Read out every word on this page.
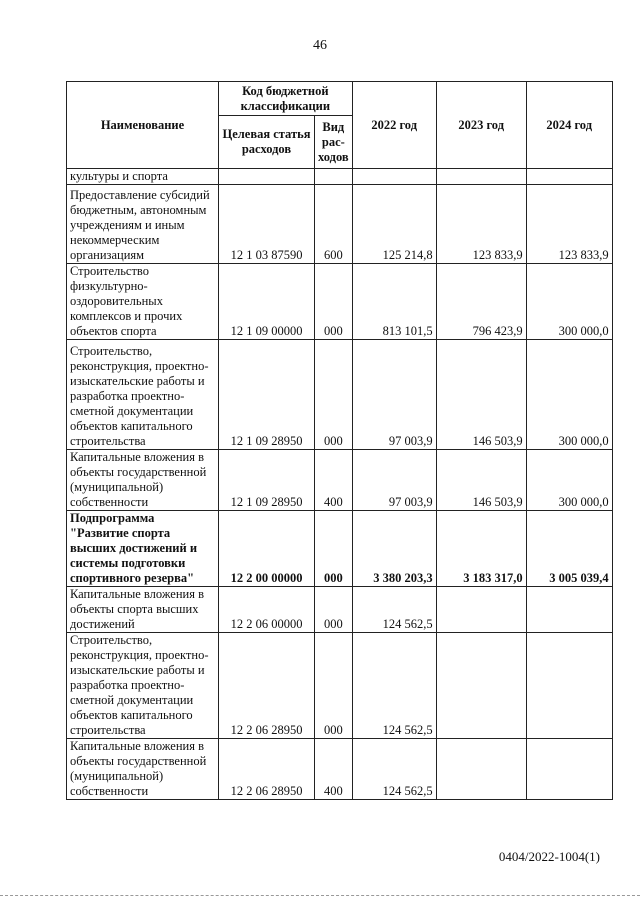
46
Наименование	Код бюджетной классификации		2022 год	2023 год	2024 год
	Целевая статья расходов	Вид рас-ходов			
культуры и спорта					
Предоставление субсидий бюджетным, автономным учреждениям и иным некоммерческим организациям	12 1 03 87590	600	125 214,8	123 833,9	123 833,9
Строительство физкультурно-оздоровительных комплексов и прочих объектов спорта	12 1 09 00000	000	813 101,5	796 423,9	300 000,0
Строительство, реконструкция, проектно-изыскательские работы и разработка проектно-сметной документации объектов капитального строительства	12 1 09 28950	000	97 003,9	146 503,9	300 000,0
Капитальные вложения в объекты государственной (муниципальной) собственности	12 1 09 28950	400	97 003,9	146 503,9	300 000,0
Подпрограмма "Развитие спорта высших достижений и системы подготовки спортивного резерва"	12 2 00 00000	000	3 380 203,3	3 183 317,0	3 005 039,4
Капитальные вложения в объекты спорта высших достижений	12 2 06 00000	000	124 562,5		
Строительство, реконструкция, проектно-изыскательские работы и разработка проектно-сметной документации объектов капитального строительства	12 2 06 28950	000	124 562,5		
Капитальные вложения в объекты государственной (муниципальной) собственности	12 2 06 28950	400	124 562,5		
0404/2022-1004(1)
